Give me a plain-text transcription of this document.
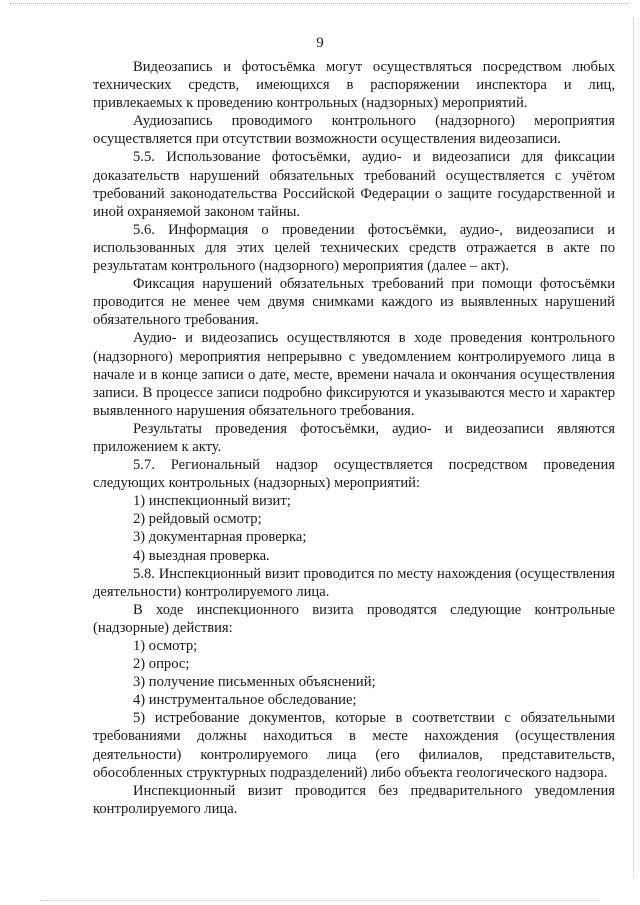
9

Видеозапись и фотосъёмка могут осуществляться посредством любых технических средств, имеющихся в распоряжении инспектора и лиц, привлекаемых к проведению контрольных (надзорных) мероприятий.

Аудиозапись проводимого контрольного (надзорного) мероприятия осуществляется при отсутствии возможности осуществления видеозаписи.

5.5. Использование фотосъёмки, аудио- и видеозаписи для фиксации доказательств нарушений обязательных требований осуществляется с учётом требований законодательства Российской Федерации о защите государственной и иной охраняемой законом тайны.

5.6. Информация о проведении фотосъёмки, аудио-, видеозаписи и использованных для этих целей технических средств отражается в акте по результатам контрольного (надзорного) мероприятия (далее – акт).

Фиксация нарушений обязательных требований при помощи фотосъёмки проводится не менее чем двумя снимками каждого из выявленных нарушений обязательного требования.

Аудио- и видеозапись осуществляются в ходе проведения контрольного (надзорного) мероприятия непрерывно с уведомлением контролируемого лица в начале и в конце записи о дате, месте, времени начала и окончания осуществления записи. В процессе записи подробно фиксируются и указываются место и характер выявленного нарушения обязательного требования.

Результаты проведения фотосъёмки, аудио- и видеозаписи являются приложением к акту.

5.7. Региональный надзор осуществляется посредством проведения следующих контрольных (надзорных) мероприятий:

1) инспекционный визит;

2) рейдовый осмотр;

3) документарная проверка;

4) выездная проверка.

5.8. Инспекционный визит проводится по месту нахождения (осуществления деятельности) контролируемого лица.

В ходе инспекционного визита проводятся следующие контрольные (надзорные) действия:

1) осмотр;

2) опрос;

3) получение письменных объяснений;

4) инструментальное обследование;

5) истребование документов, которые в соответствии с обязательными требованиями должны находиться в месте нахождения (осуществления деятельности) контролируемого лица (его филиалов, представительств, обособленных структурных подразделений) либо объекта геологического надзора.

Инспекционный визит проводится без предварительного уведомления контролируемого лица.
